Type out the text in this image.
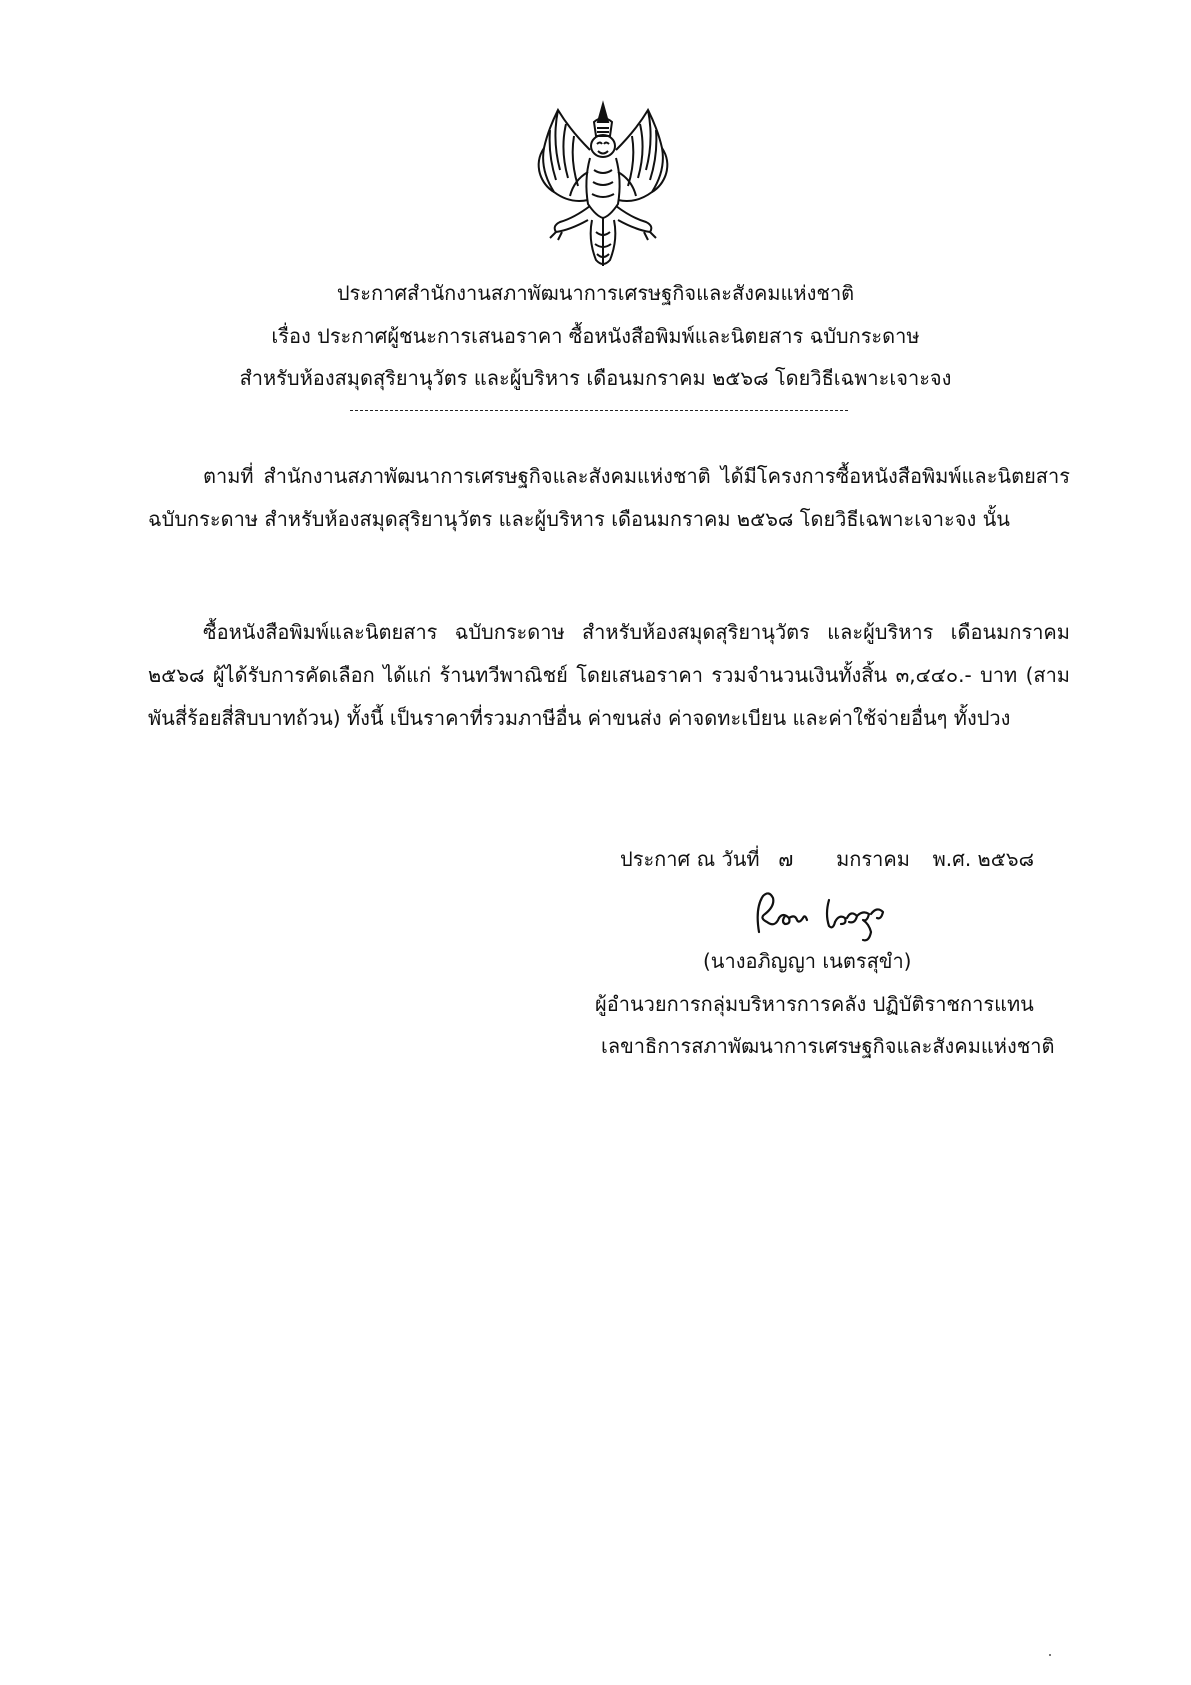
ประกาศสำนักงานสภาพัฒนาการเศรษฐกิจและสังคมแห่งชาติ
เรื่อง ประกาศผู้ชนะการเสนอราคา ซื้อหนังสือพิมพ์และนิตยสาร ฉบับกระดาษ
สำหรับห้องสมุดสุริยานุวัตร และผู้บริหาร เดือนมกราคม ๒๕๖๘ โดยวิธีเฉพาะเจาะจง

ตามที่ สำนักงานสภาพัฒนาการเศรษฐกิจและสังคมแห่งชาติ ได้มีโครงการซื้อหนังสือพิมพ์และนิตยสาร ฉบับกระดาษ สำหรับห้องสมุดสุริยานุวัตร และผู้บริหาร เดือนมกราคม ๒๕๖๘ โดยวิธีเฉพาะเจาะจง นั้น

ซื้อหนังสือพิมพ์และนิตยสาร ฉบับกระดาษ สำหรับห้องสมุดสุริยานุวัตร และผู้บริหาร เดือนมกราคม ๒๕๖๘ ผู้ได้รับการคัดเลือก ได้แก่ ร้านทวีพาณิชย์ โดยเสนอราคา รวมจำนวนเงินทั้งสิ้น ๓,๔๔๐.- บาท (สามพันสี่ร้อยสี่สิบบาทถ้วน) ทั้งนี้ เป็นราคาที่รวมภาษีอื่น ค่าขนส่ง ค่าจดทะเบียน และค่าใช้จ่ายอื่นๆ ทั้งปวง

ประกาศ ณ วันที่ ๗ มกราคม พ.ศ. ๒๕๖๘
(นางอภิญญา เนตรสุขำ)
ผู้อำนวยการกลุ่มบริหารการคลัง ปฏิบัติราชการแทน
เลขาธิการสภาพัฒนาการเศรษฐกิจและสังคมแห่งชาติ
